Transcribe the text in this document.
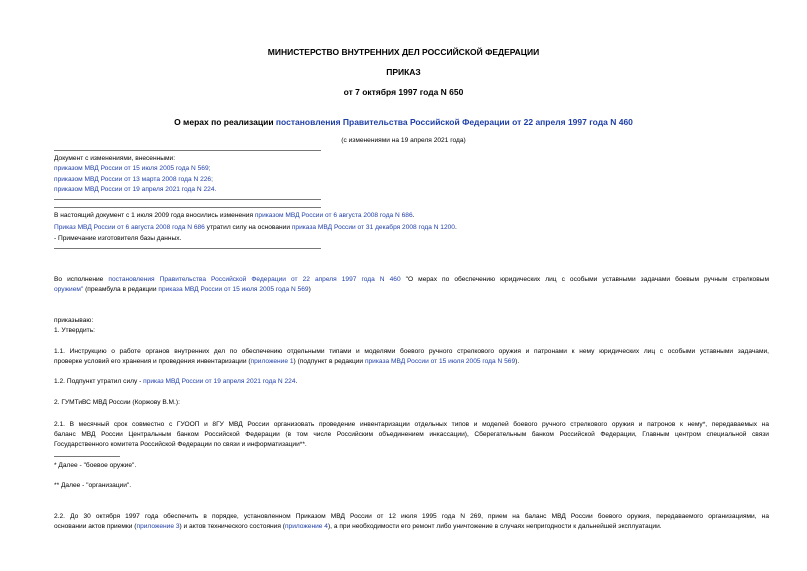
МИНИСТЕРСТВО ВНУТРЕННИХ ДЕЛ РОССИЙСКОЙ ФЕДЕРАЦИИ
ПРИКАЗ
от 7 октября 1997 года N 650
О мерах по реализации постановления Правительства Российской Федерации от 22 апреля 1997 года N 460
(с изменениями на 19 апреля 2021 года)
Документ с изменениями, внесенными:
приказом МВД России от 15 июля 2005 года N 569;
приказом МВД России от 13 марта 2008 года N 226;
приказом МВД России от 19 апреля 2021 года N 224.
В настоящий документ с 1 июля 2009 года вносились изменения приказом МВД России от 6 августа 2008 года N 686.
Приказ МВД России от 6 августа 2008 года N 686 утратил силу на основании приказа МВД России от 31 декабря 2008 года N 1200.
- Примечание изготовителя базы данных.
Во исполнение постановления Правительства Российской Федерации от 22 апреля 1997 года N 460 "О мерах по обеспечению юридических лиц с особыми уставными задачами боевым ручным стрелковым
оружием" (преамбула в редакции приказа МВД России от 15 июля 2005 года N 569)
приказываю:
1. Утвердить:
1.1. Инструкцию о работе органов внутренних дел по обеспечению отдельными типами и моделями боевого ручного стрелкового оружия и патронами к нему юридических лиц с особыми уставными задачами,
проверке условий его хранения и проведения инвентаризации (приложение 1) (подпункт в редакции приказа МВД России от 15 июля 2005 года N 569).
1.2. Подпункт утратил силу - приказ МВД России от 19 апреля 2021 года N 224.
2. ГУМТиВС МВД России (Коржову В.М.):
2.1. В месячный срок совместно с ГУООП и 8ГУ МВД России организовать проведение инвентаризации отдельных типов и моделей боевого ручного стрелкового оружия и патронов к нему*, передаваемых на
баланс МВД России Центральным банком Российской Федерации (в том числе Российским объединением инкассации), Сберегательным банком Российской Федерации, Главным центром специальной связи
Государственного комитета Российской Федерации по связи и информатизации**.
* Далее - "боевое оружие".
** Далее - "организации".
2.2. До 30 октября 1997 года обеспечить в порядке, установленном Приказом МВД России от 12 июля 1995 года N 269, прием на баланс МВД России боевого оружия, передаваемого организациями, на
основании актов приемки (приложение 3) и актов технического состояния (приложение 4), а при необходимости его ремонт либо уничтожение в случаях непригодности к дальнейшей эксплуатации.
